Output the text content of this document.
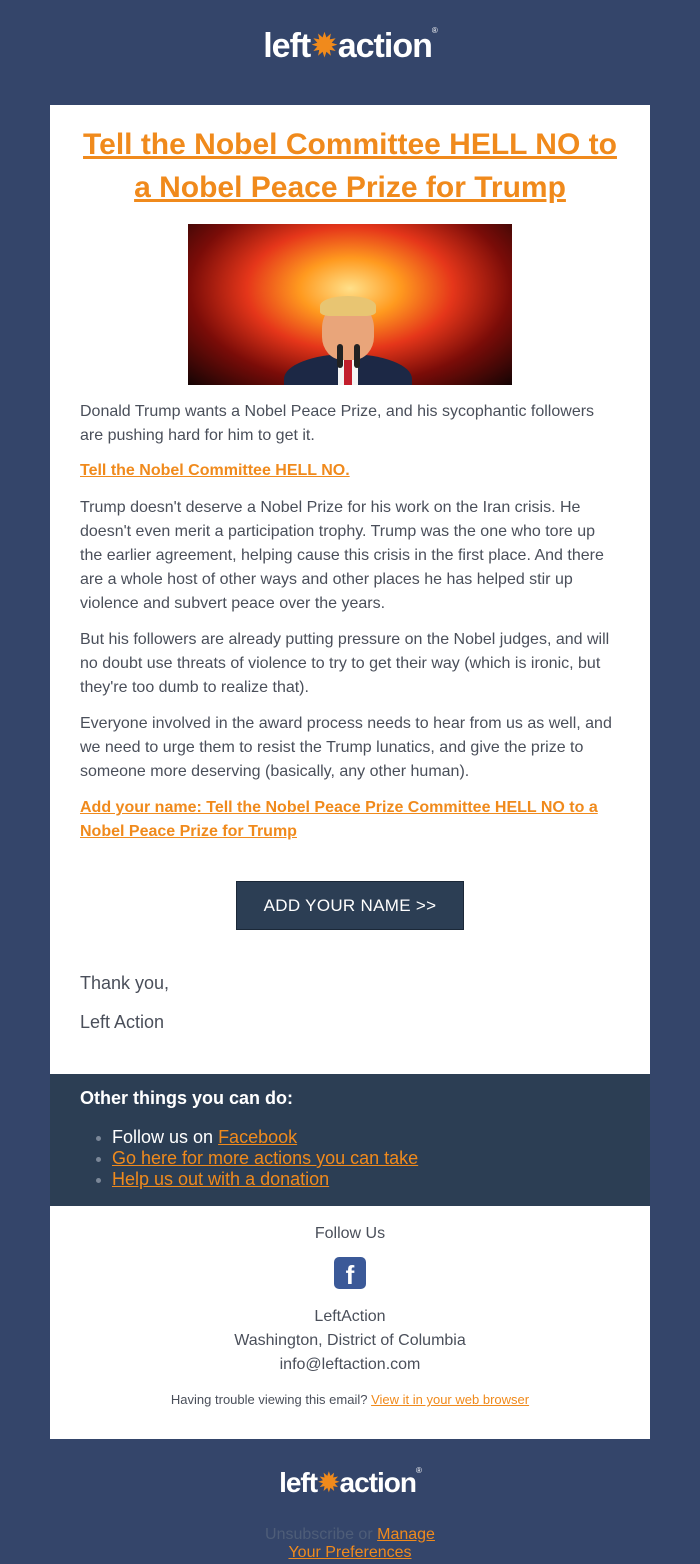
left✹action®

Tell the Nobel Committee HELL NO to a Nobel Peace Prize for Trump

Donald Trump wants a Nobel Peace Prize, and his sycophantic followers are pushing hard for him to get it.

Tell the Nobel Committee HELL NO.

Trump doesn't deserve a Nobel Prize for his work on the Iran crisis. He doesn't even merit a participation trophy. Trump was the one who tore up the earlier agreement, helping cause this crisis in the first place. And there are a whole host of other ways and other places he has helped stir up violence and subvert peace over the years.

But his followers are already putting pressure on the Nobel judges, and will no doubt use threats of violence to try to get their way (which is ironic, but they're too dumb to realize that).

Everyone involved in the award process needs to hear from us as well, and we need to urge them to resist the Trump lunatics, and give the prize to someone more deserving (basically, any other human).

Add your name: Tell the Nobel Peace Prize Committee HELL NO to a Nobel Peace Prize for Trump

ADD YOUR NAME >>

Thank you,

Left Action

Other things you can do:
Follow us on Facebook
Go here for more actions you can take
Help us out with a donation
Follow Us
f
LeftAction
Washington, District of Columbia
info@leftaction.com
Having trouble viewing this email? View it in your web browser
left✹action®
Unsubscribe or Manage
Your Preferences
